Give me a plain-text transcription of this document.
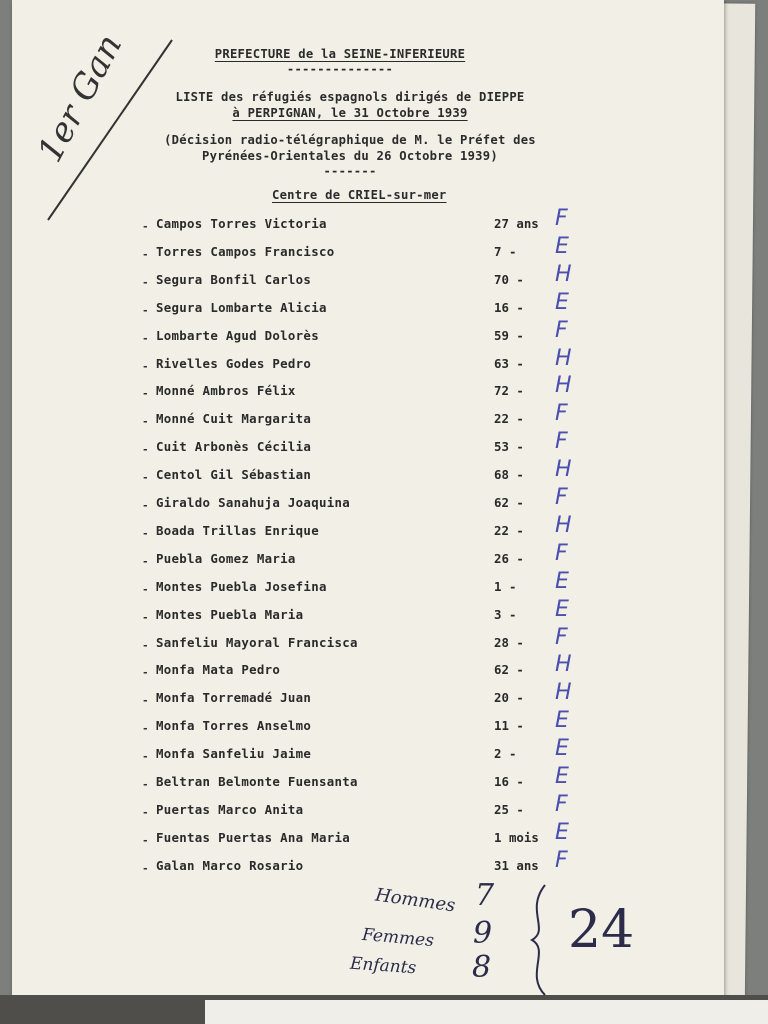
1er Gan	PREFECTURE de la SEINE-INFERIEURE
--------------
LISTE des réfugiés espagnols dirigés de DIEPPE
à PERPIGNAN, le 31 Octobre 1939
(Décision radio-télégraphique de M. le Préfet des
Pyrénées-Orientales du 26 Octobre 1939)
-------
Centre de CRIEL-sur-mer
- Campos Torres Victoria	27 ans F
- Torres Campos Francisco	7 - E
- Segura Bonfil Carlos	70 - H
- Segura Lombarte Alicia	16 - E
- Lombarte Agud Dolorès	59 - F
- Rivelles Godes Pedro	63 - H
- Monné Ambros Félix	72 - H
- Monné Cuit Margarita	22 - F
- Cuit Arbonès Cécilia	53 - F
- Centol Gil Sébastian	68 - H
- Giraldo Sanahuja Joaquina	62 - F
- Boada Trillas Enrique	22 - H
- Puebla Gomez Maria	26 - F
- Montes Puebla Josefina	1 - E
- Montes Puebla Maria	3 - E
- Sanfeliu Mayoral Francisca	28 - F
- Monfa Mata Pedro	62 - H
- Monfa Torremadé Juan	20 - H
- Monfa Torres Anselmo	11 - E
- Monfa Sanfeliu Jaime	2 - E
- Beltran Belmonte Fuensanta	16 - E
- Puertas Marco Anita	25 - F
- Fuentas Puertas Ana Maria	1 mois E
- Galan Marco Rosario	31 ans F
Hommes 7
Femmes 9
Enfants 8
24
